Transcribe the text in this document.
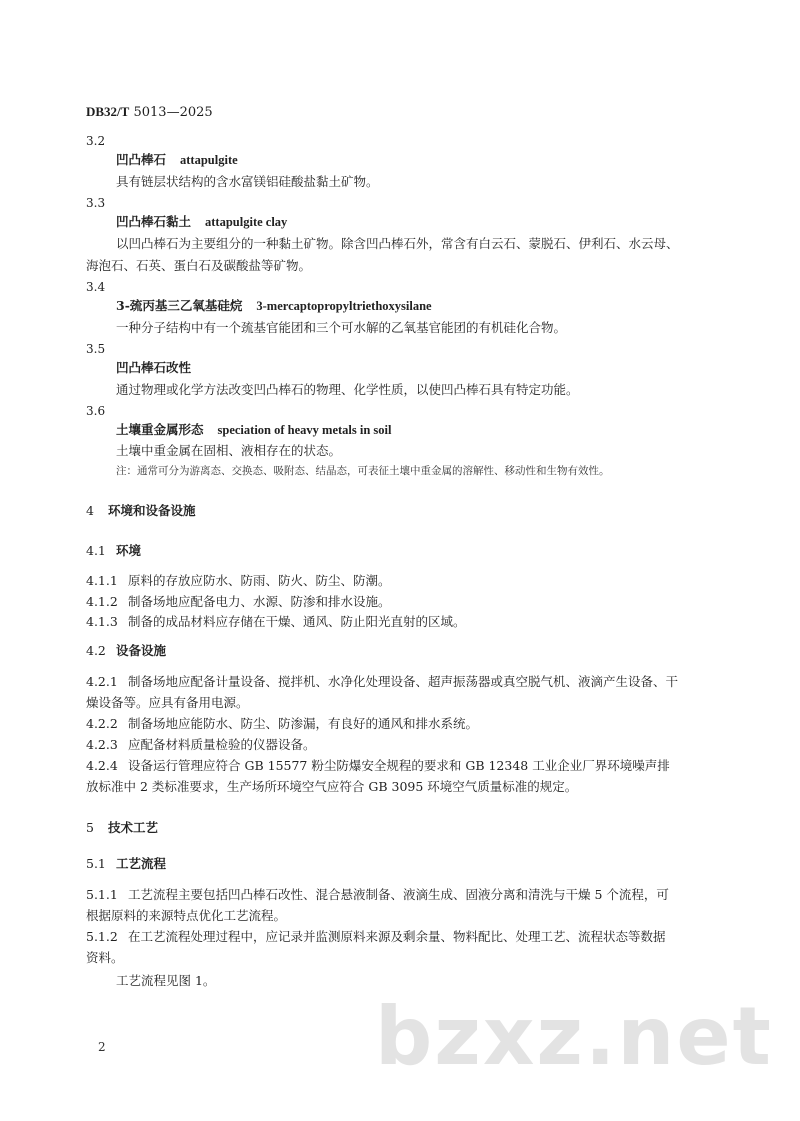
DB32/T 5013—2025
3.2
凹凸棒石 attapulgite
具有链层状结构的含水富镁铝硅酸盐黏土矿物。
3.3
凹凸棒石黏土 attapulgite clay
以凹凸棒石为主要组分的一种黏土矿物。除含凹凸棒石外，常含有白云石、蒙脱石、伊利石、水云母、
海泡石、石英、蛋白石及碳酸盐等矿物。
3.4
3-巯丙基三乙氧基硅烷 3-mercaptopropyltriethoxysilane
一种分子结构中有一个巯基官能团和三个可水解的乙氧基官能团的有机硅化合物。
3.5
凹凸棒石改性
通过物理或化学方法改变凹凸棒石的物理、化学性质，以使凹凸棒石具有特定功能。
3.6
土壤重金属形态 speciation of heavy metals in soil
土壤中重金属在固相、液相存在的状态。
注：通常可分为游离态、交换态、吸附态、结晶态，可表征土壤中重金属的溶解性、移动性和生物有效性。
4 环境和设备设施
4.1 环境
4.1.1 原料的存放应防水、防雨、防火、防尘、防潮。
4.1.2 制备场地应配备电力、水源、防渗和排水设施。
4.1.3 制备的成品材料应存储在干燥、通风、防止阳光直射的区域。
4.2 设备设施
4.2.1 制备场地应配备计量设备、搅拌机、水净化处理设备、超声振荡器或真空脱气机、液滴产生设备、干
燥设备等。应具有备用电源。
4.2.2 制备场地应能防水、防尘、防渗漏，有良好的通风和排水系统。
4.2.3 应配备材料质量检验的仪器设备。
4.2.4 设备运行管理应符合 GB 15577 粉尘防爆安全规程的要求和 GB 12348 工业企业厂界环境噪声排
放标准中 2 类标准要求，生产场所环境空气应符合 GB 3095 环境空气质量标准的规定。
5 技术工艺
5.1 工艺流程
5.1.1 工艺流程主要包括凹凸棒石改性、混合悬液制备、液滴生成、固液分离和清洗与干燥 5 个流程，可
根据原料的来源特点优化工艺流程。
5.1.2 在工艺流程处理过程中，应记录并监测原料来源及剩余量、物料配比、处理工艺、流程状态等数据
资料。
工艺流程见图 1。
bzxz.net
2
